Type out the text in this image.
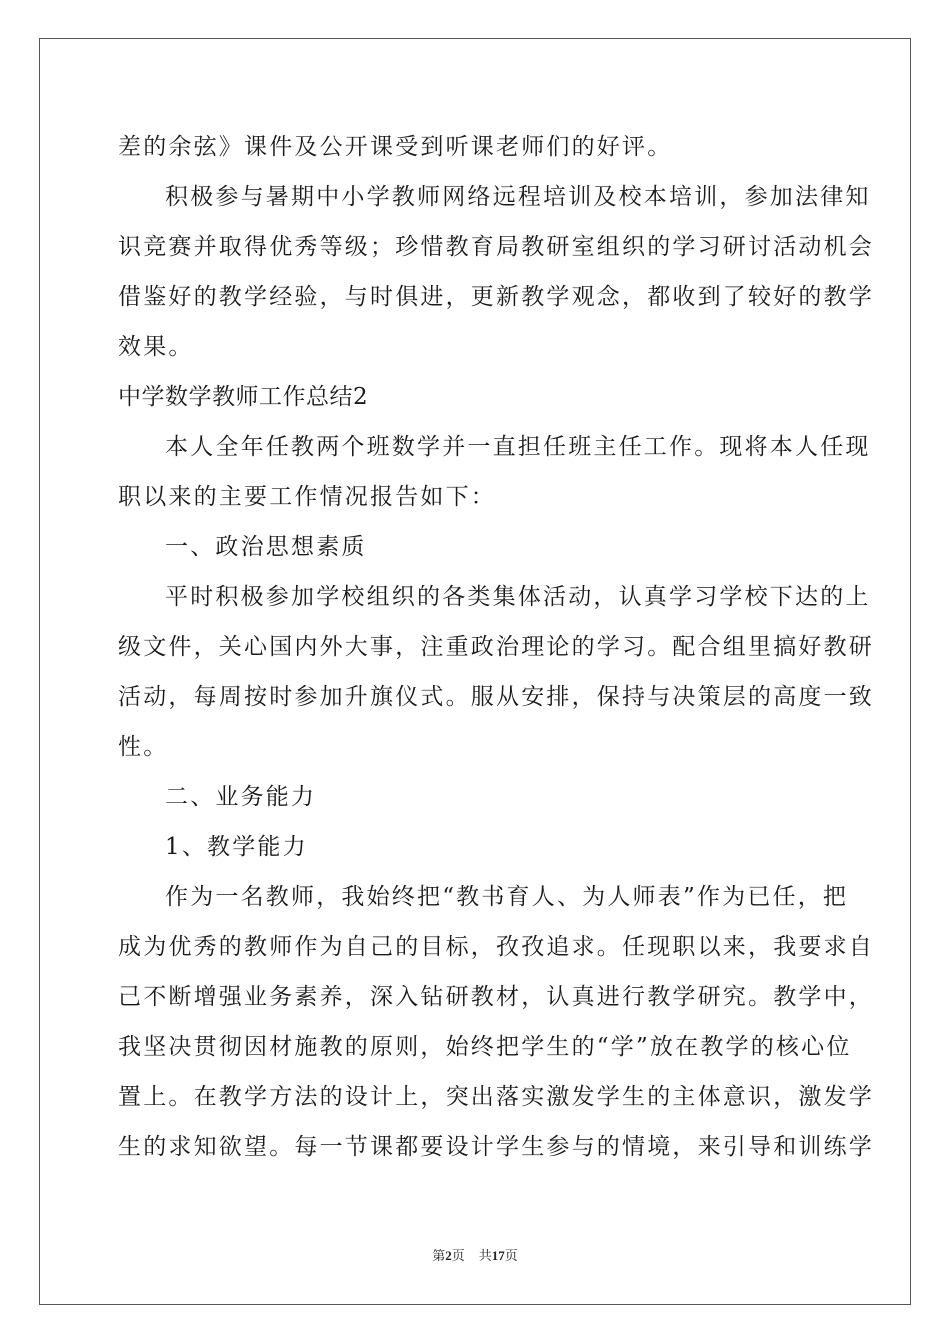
差的余弦》课件及公开课受到听课老师们的好评。
积极参与暑期中小学教师网络远程培训及校本培训，参加法律知
识竞赛并取得优秀等级；珍惜教育局教研室组织的学习研讨活动机会
借鉴好的教学经验，与时俱进，更新教学观念，都收到了较好的教学
效果。
中学数学教师工作总结2
本人全年任教两个班数学并一直担任班主任工作。现将本人任现
职以来的主要工作情况报告如下：
一、政治思想素质
平时积极参加学校组织的各类集体活动，认真学习学校下达的上
级文件，关心国内外大事，注重政治理论的学习。配合组里搞好教研
活动，每周按时参加升旗仪式。服从安排，保持与决策层的高度一致
性。
二、业务能力
1、教学能力
作为一名教师，我始终把“教书育人、为人师表”作为已任，把
成为优秀的教师作为自己的目标，孜孜追求。任现职以来，我要求自
己不断增强业务素养，深入钻研教材，认真进行教学研究。教学中，
我坚决贯彻因材施教的原则，始终把学生的“学”放在教学的核心位
置上。在教学方法的设计上，突出落实激发学生的主体意识，激发学
生的求知欲望。每一节课都要设计学生参与的情境，来引导和训练学
第2页 共17页
